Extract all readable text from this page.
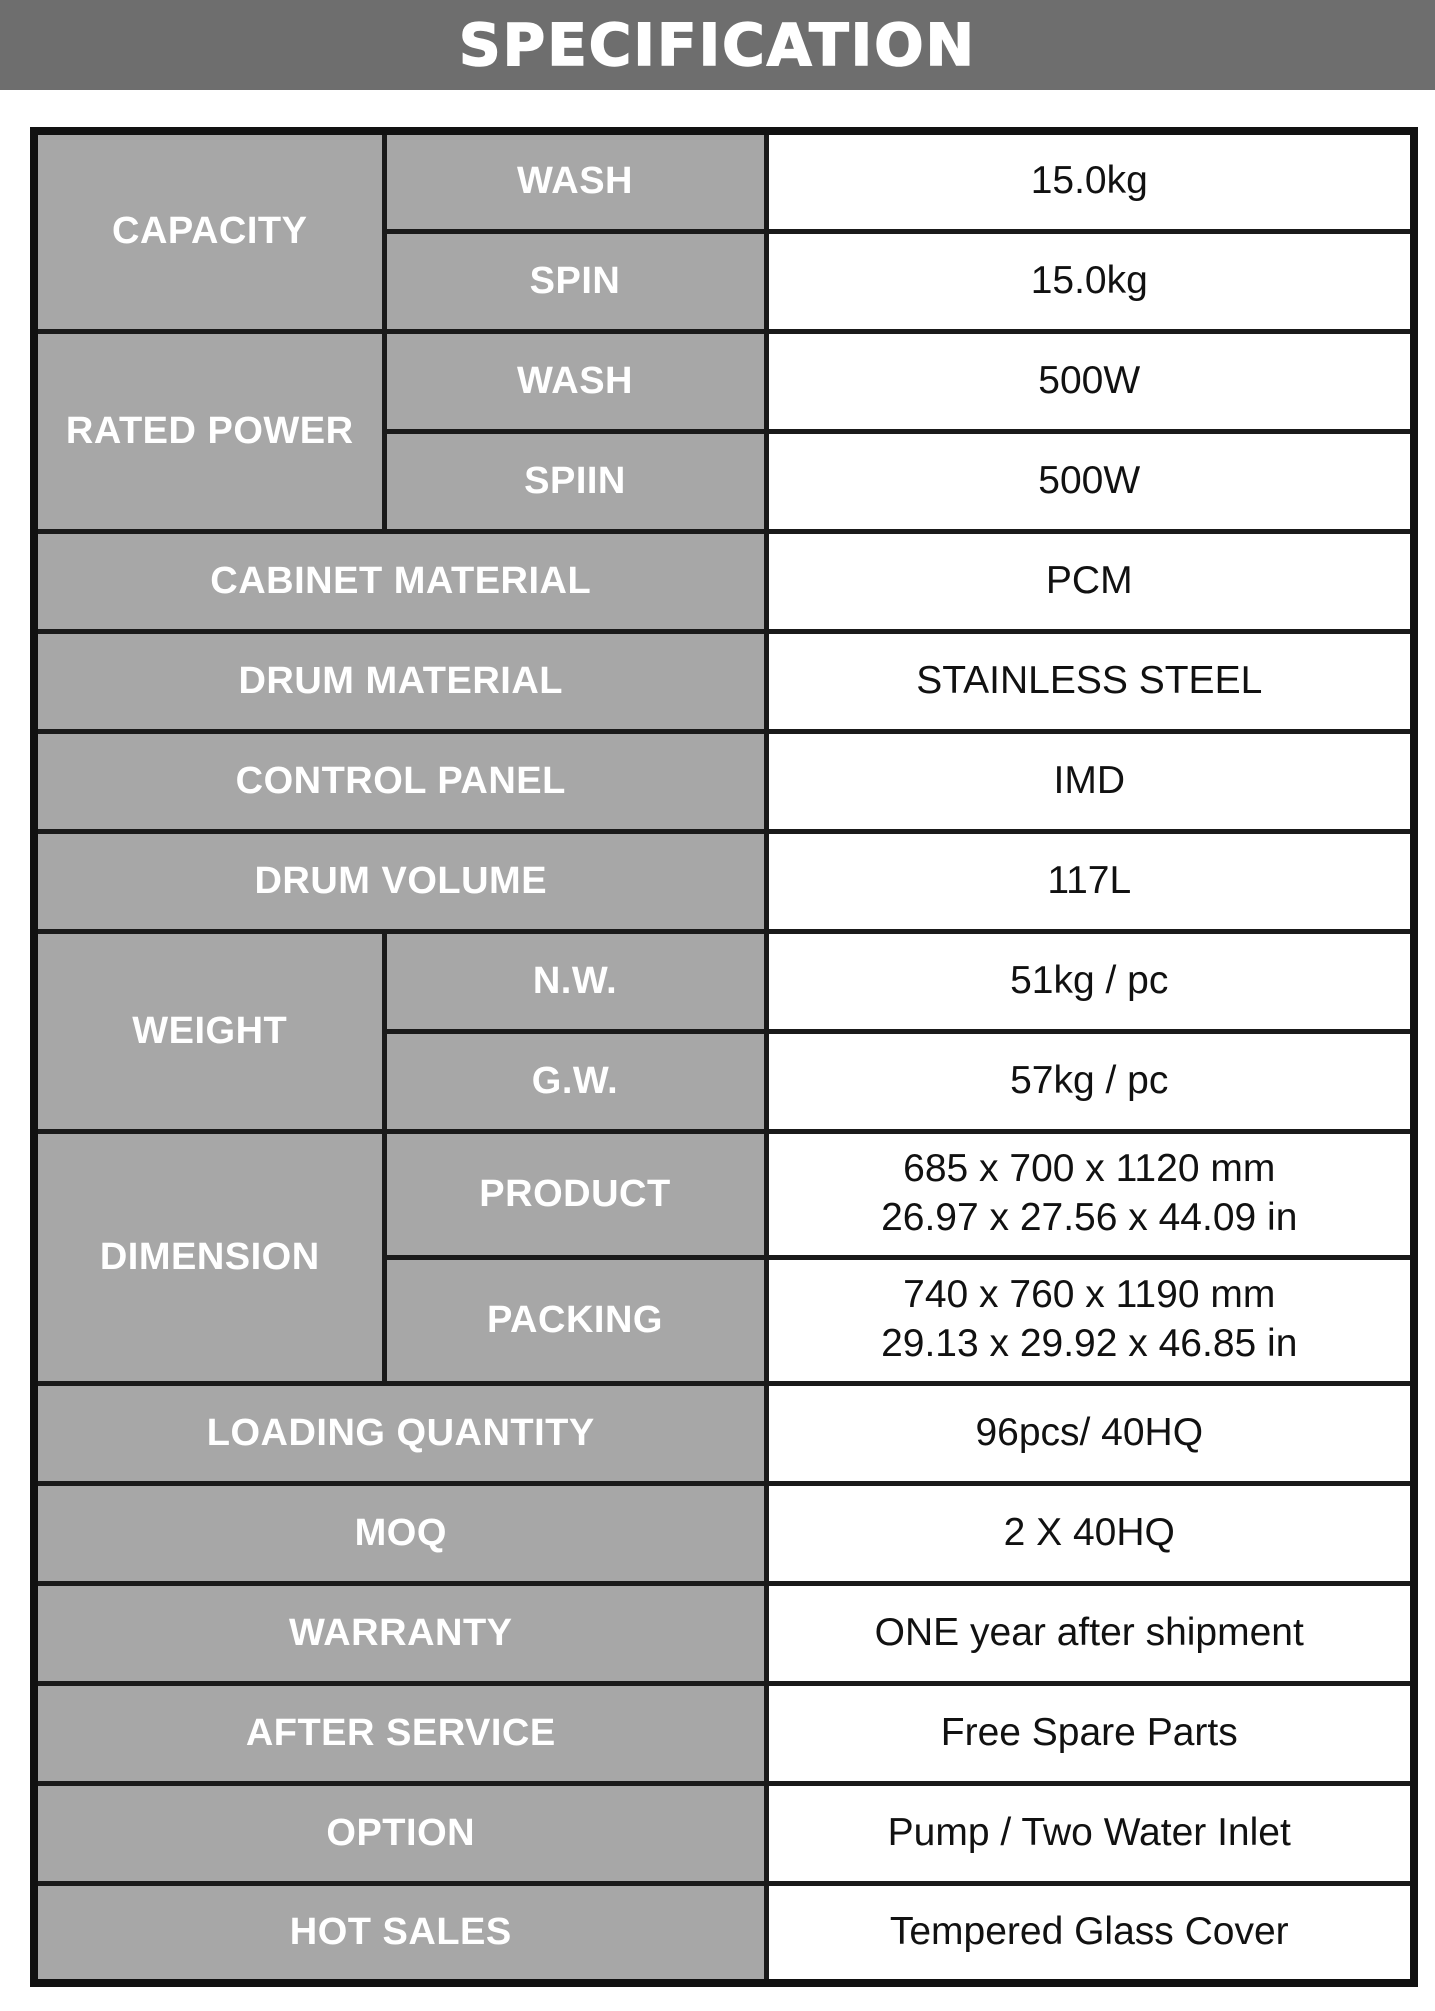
SPECIFICATION
CAPACITY	WASH	15.0kg
	SPIN	15.0kg
RATED POWER	WASH	500W
	SPIIN	500W
CABINET MATERIAL		PCM
DRUM MATERIAL		STAINLESS STEEL
CONTROL PANEL		IMD
DRUM VOLUME		117L
WEIGHT	N.W.	51kg / pc
	G.W.	57kg / pc
DIMENSION	PRODUCT	685 x 700 x 1120 mm
26.97 x 27.56 x 44.09 in

	PACKING	740 x 760 x 1190 mm
29.13 x 29.92 x 46.85 in

LOADING QUANTITY		96pcs/ 40HQ
MOQ		2 X 40HQ
WARRANTY		ONE year after shipment
AFTER SERVICE		Free Spare Parts
OPTION		Pump / Two Water Inlet
HOT SALES		Tempered Glass Cover
